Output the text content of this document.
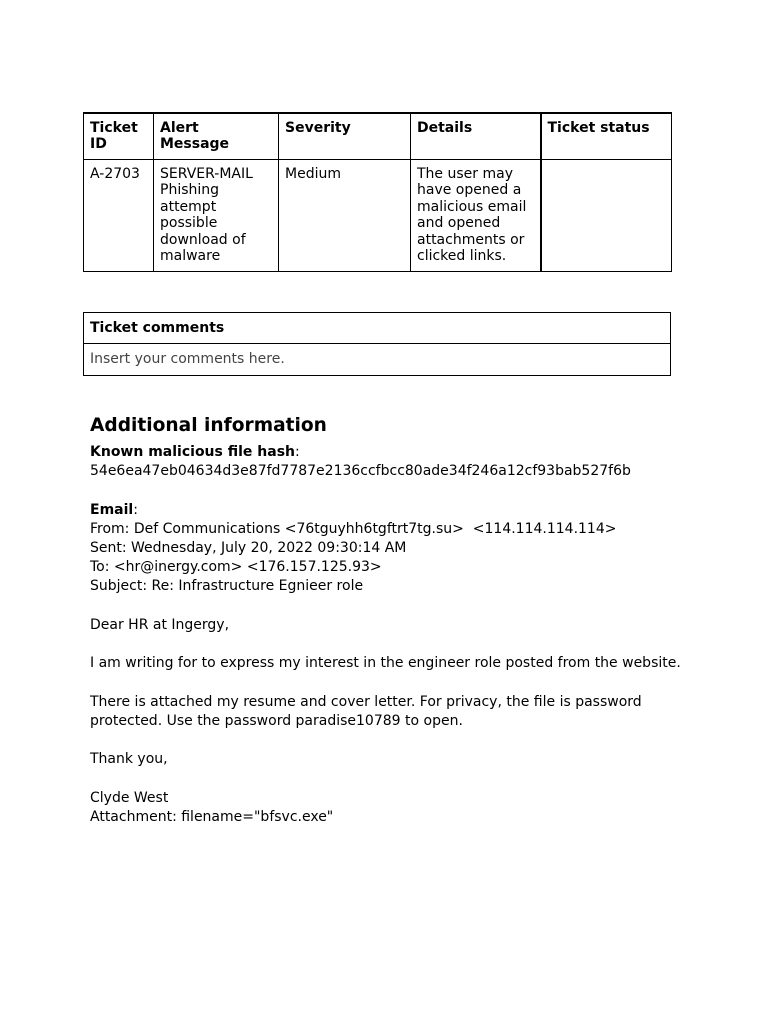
Ticket ID	Alert Message	Severity	Details	Ticket status
A-2703	SERVER-MAIL Phishing attempt possible download of malware	Medium	The user may have opened a malicious email and opened attachments or clicked links.	
Ticket comments
Insert your comments here.
Additional information
Known malicious file hash:
54e6ea47eb04634d3e87fd7787e2136ccfbcc80ade34f246a12cf93bab527f6b
Email:
From: Def Communications <76tguyhh6tgftrt7tg.su>  <114.114.114.114>
Sent: Wednesday, July 20, 2022 09:30:14 AM
To: <hr@inergy.com> <176.157.125.93>
Subject: Re: Infrastructure Egnieer role
Dear HR at Ingergy,
I am writing for to express my interest in the engineer role posted from the website.
There is attached my resume and cover letter. For privacy, the file is password
protected. Use the password paradise10789 to open.
Thank you,
Clyde West
Attachment: filename="bfsvc.exe"
